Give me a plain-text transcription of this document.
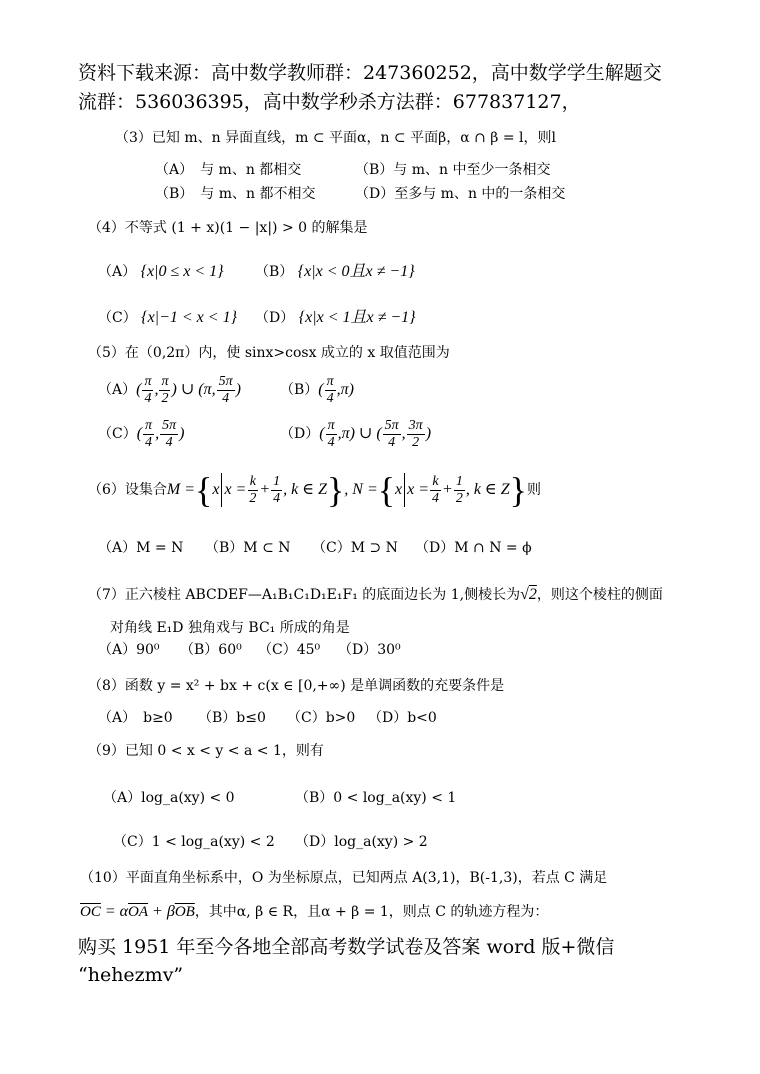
资料下载来源：高中数学教师群：247360252，高中数学学生解题交
流群：536036395，高中数学秒杀方法群：677837127，
（3）已知 m、n 异面直线，m ⊂ 平面α，n ⊂ 平面β，α ∩ β = l，则l
（A）　与 m、n 都相交	（B）与 m、n 中至少一条相交
（B）　与 m、n 都不相交	（D）至多与 m、n 中的一条相交
（4）不等式 (1 + x)(1 − |x|) > 0 的解集是
（A） {x|0 ≤ x < 1} （B） {x|x < 0且x ≠ −1}
（C） {x|−1 < x < 1} （D） {x|x < 1且x ≠ −1}
（5）在（0,2π）内，使 sinx>cosx 成立的 x 取值范围为
$(A)( \frac{\pi}{4}$ , $\frac{\pi}{2}$ ) ∪ (π, $\frac{5\pi}{4}$ )	$(B)( \frac{\pi}{4} ,\pi)$
$(C)( \frac{\pi}{4}$ , $\frac{5\pi}{4}$ )	$(D)( \frac{\pi}{4} ,\pi)$ ∪ ( $\frac{5\pi}{4}$ , $\frac{3\pi}{2}$ )
（6）设集合M ={x $x = \frac{k}{2} + \frac{1}{4}$ , k ∈ Z}, N ={x $x = \frac{k}{4} + \frac{1}{2}$ , k ∈ Z}则
（A）M = N （B）M ⊂ N （C）M ⊃ N （D）M ∩ N = ϕ
（7）正六棱柱 ABCDEF—A₁B₁C₁D₁E₁F₁ 的底面边长为 1,侧棱长为√2，则这个棱柱的侧面
对角线 E₁D 独角戏与 BC₁ 所成的角是
（A）90⁰ （B）60⁰ （C）45⁰ （D）30⁰
（8）函数 y = x² + bx + c(x ∈ [0,+∞) 是单调函数的充要条件是
（A）　b≥0 （B）b≤0 （C）b>0 （D）b<0
（9）已知 0 < x < y < a < 1，则有
（A）log_a(xy) < 0	（B）0 < log_a(xy) < 1
（C）1 < log_a(xy) < 2 （D）log_a(xy) > 2
（10）平面直角坐标系中，O 为坐标原点，已知两点 A(3,1)，B(-1,3)，若点 C 满足
$\overline{OC} = \alpha\overline{OA} + \beta\overline{OB}$，其中α, β ∈ R，且α + β = 1，则点 C 的轨迹方程为：
购买 1951 年至今各地全部高考数学试卷及答案 word 版+微信
“hehezmv”
